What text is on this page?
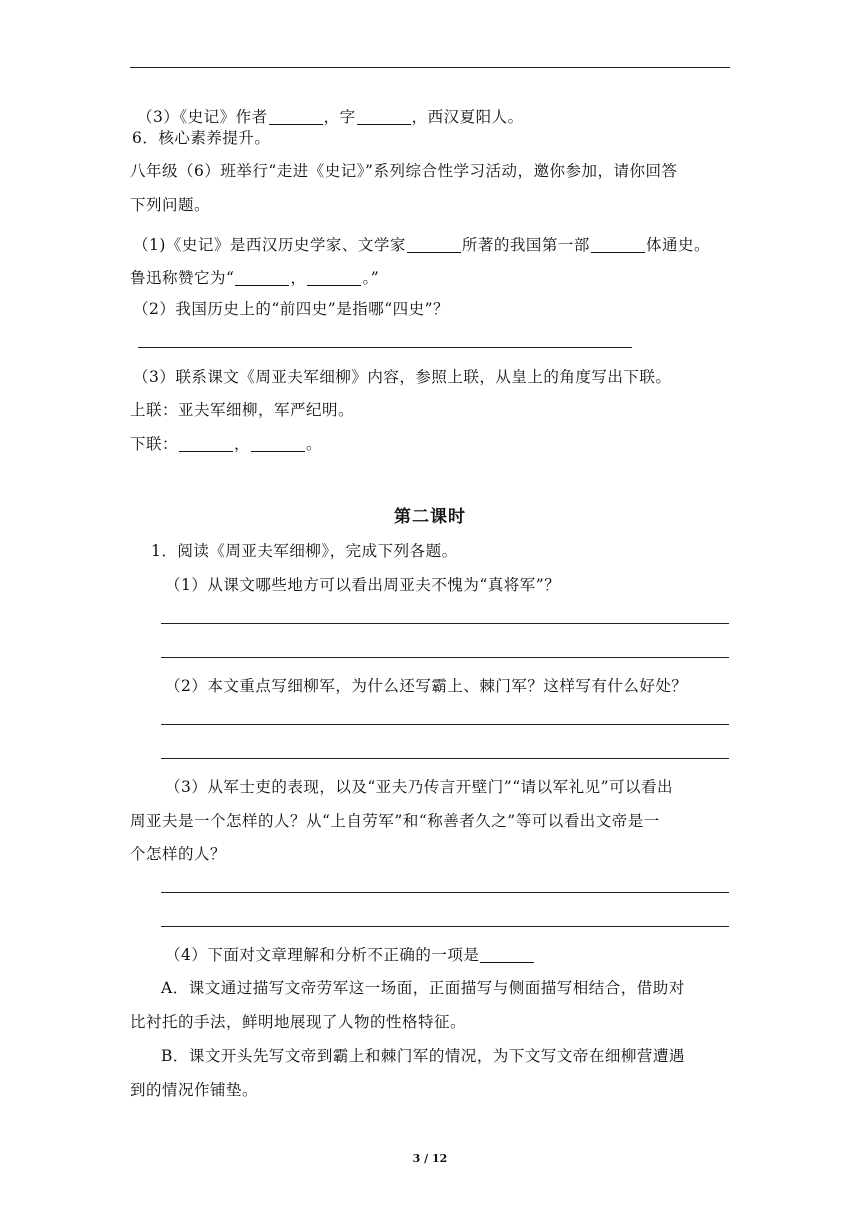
（3）《史记》作者	，字	，西汉夏阳人。
6．核心素养提升。
八年级（6）班举行“走进《史记》”系列综合性学习活动，邀你参加，请你回答
下列问题。
（1)《史记》是西汉历史学家、文学家	所著的我国第一部	体通史。
鲁迅称赞它为“	，	。”
（2）我国历史上的“前四史”是指哪“四史”？
（3）联系课文《周亚夫军细柳》内容，参照上联，从皇上的角度写出下联。
上联：亚夫军细柳，军严纪明。
下联：	，	。
第二课时
1．阅读《周亚夫军细柳》，完成下列各题。
（1）从课文哪些地方可以看出周亚夫不愧为“真将军”？
（2）本文重点写细柳军，为什么还写霸上、棘门军？这样写有什么好处？
（3）从军士吏的表现，以及“亚夫乃传言开壁门”“请以军礼见”可以看出
周亚夫是一个怎样的人？从“上自劳军”和“称善者久之”等可以看出文帝是一
个怎样的人？
（4）下面对文章理解和分析不正确的一项是
A．课文通过描写文帝劳军这一场面，正面描写与侧面描写相结合，借助对
比衬托的手法，鲜明地展现了人物的性格特征。
B．课文开头先写文帝到霸上和棘门军的情况，为下文写文帝在细柳营遭遇
到的情况作铺垫。
3 / 12
